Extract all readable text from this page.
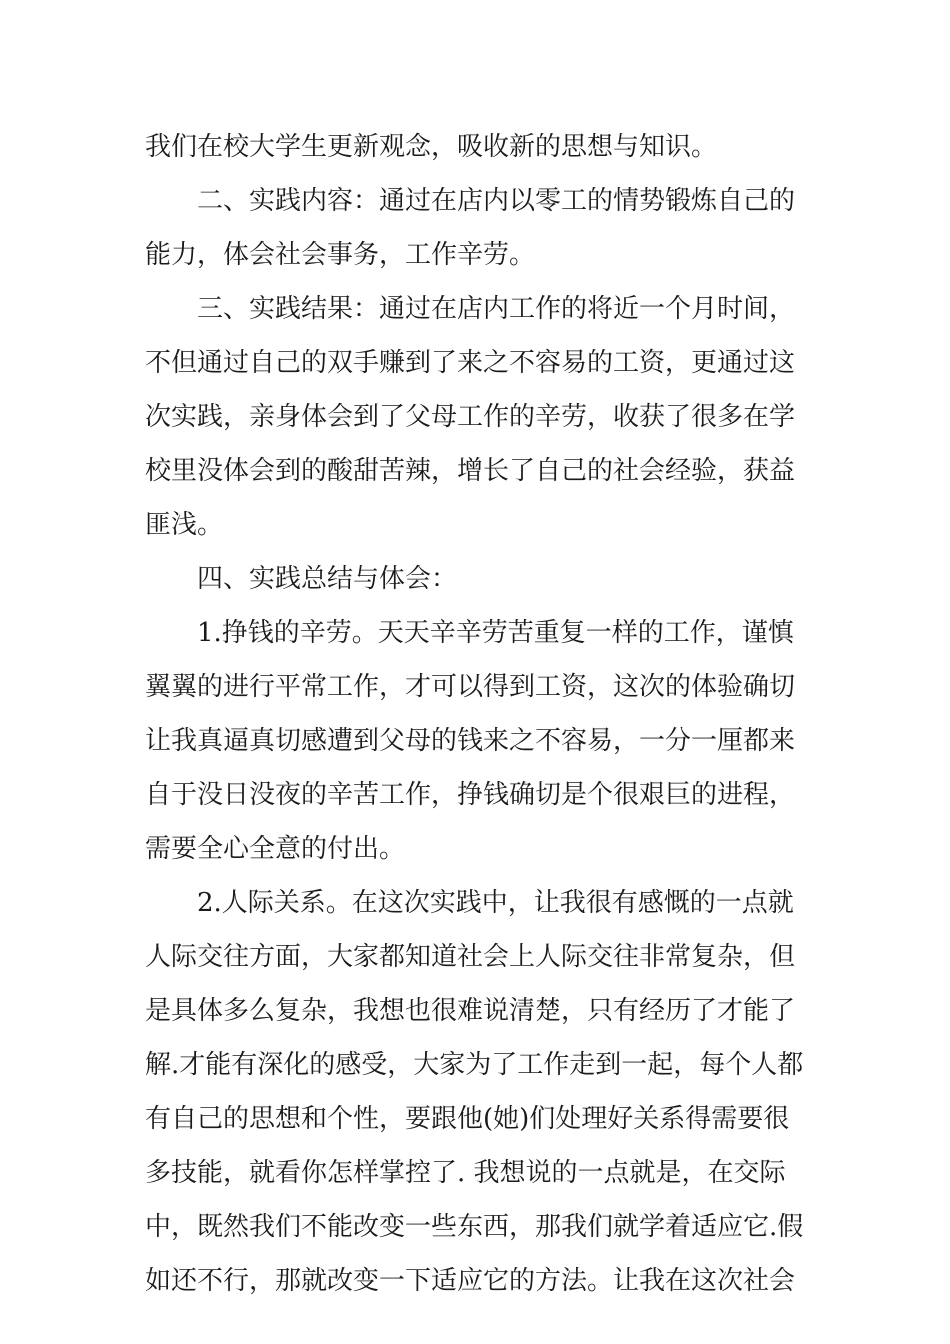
我们在校大学生更新观念，吸收新的思想与知识。
二、实践内容：通过在店内以零工的情势锻炼自己的
能力，体会社会事务，工作辛劳。
三、实践结果：通过在店内工作的将近一个月时间，
不但通过自己的双手赚到了来之不容易的工资，更通过这
次实践，亲身体会到了父母工作的辛劳，收获了很多在学
校里没体会到的酸甜苦辣，增长了自己的社会经验，获益
匪浅。
四、实践总结与体会：
1.挣钱的辛劳。天天辛辛劳苦重复一样的工作，谨慎
翼翼的进行平常工作，才可以得到工资，这次的体验确切
让我真逼真切感遭到父母的钱来之不容易，一分一厘都来
自于没日没夜的辛苦工作，挣钱确切是个很艰巨的进程，
需要全心全意的付出。
2.人际关系。在这次实践中，让我很有感慨的一点就
人际交往方面，大家都知道社会上人际交往非常复杂，但
是具体多么复杂，我想也很难说清楚，只有经历了才能了
解.才能有深化的感受，大家为了工作走到一起，每个人都
有自己的思想和个性，要跟他(她)们处理好关系得需要很
多技能，就看你怎样掌控了. 我想说的一点就是，在交际
中，既然我们不能改变一些东西，那我们就学着适应它.假
如还不行，那就改变一下适应它的方法。让我在这次社会
